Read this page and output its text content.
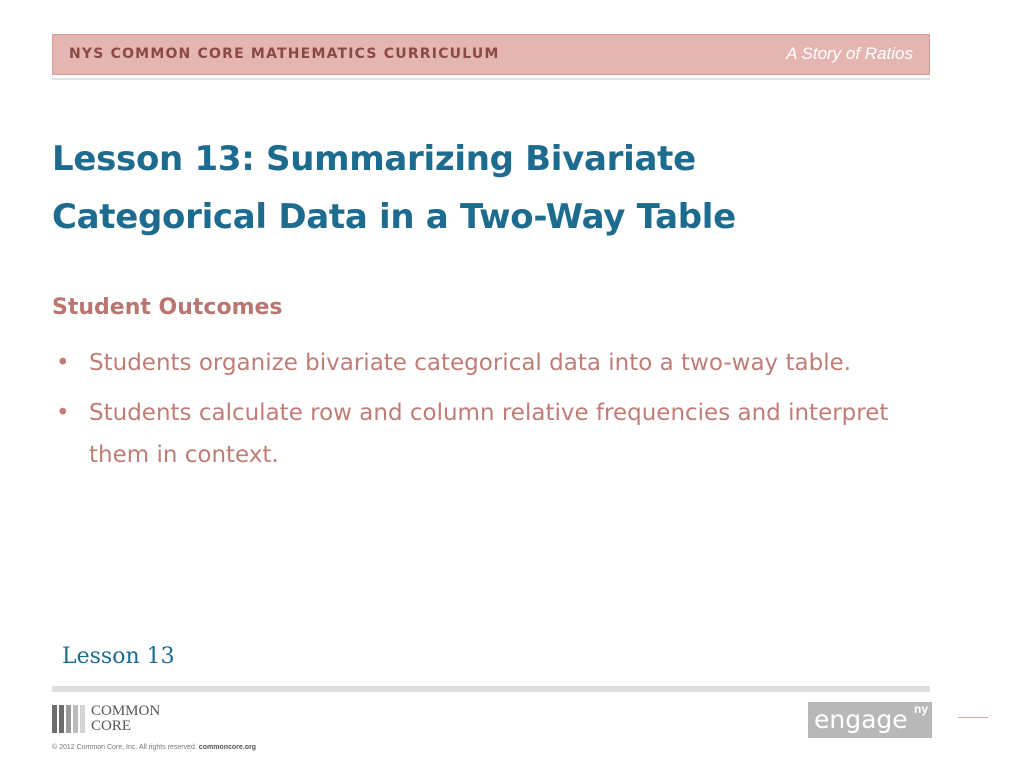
NYS COMMON CORE MATHEMATICS CURRICULUM	A Story of Ratios
Lesson 13: Summarizing Bivariate
Categorical Data in a Two-Way Table
Student Outcomes
• Students organize bivariate categorical data into a two-way table.
• Students calculate row and column relative frequencies and interpret them in context.
Lesson 13
COMMON
CORE
© 2012 Common Core, Inc. All rights reserved. commoncore.org
engage ny
